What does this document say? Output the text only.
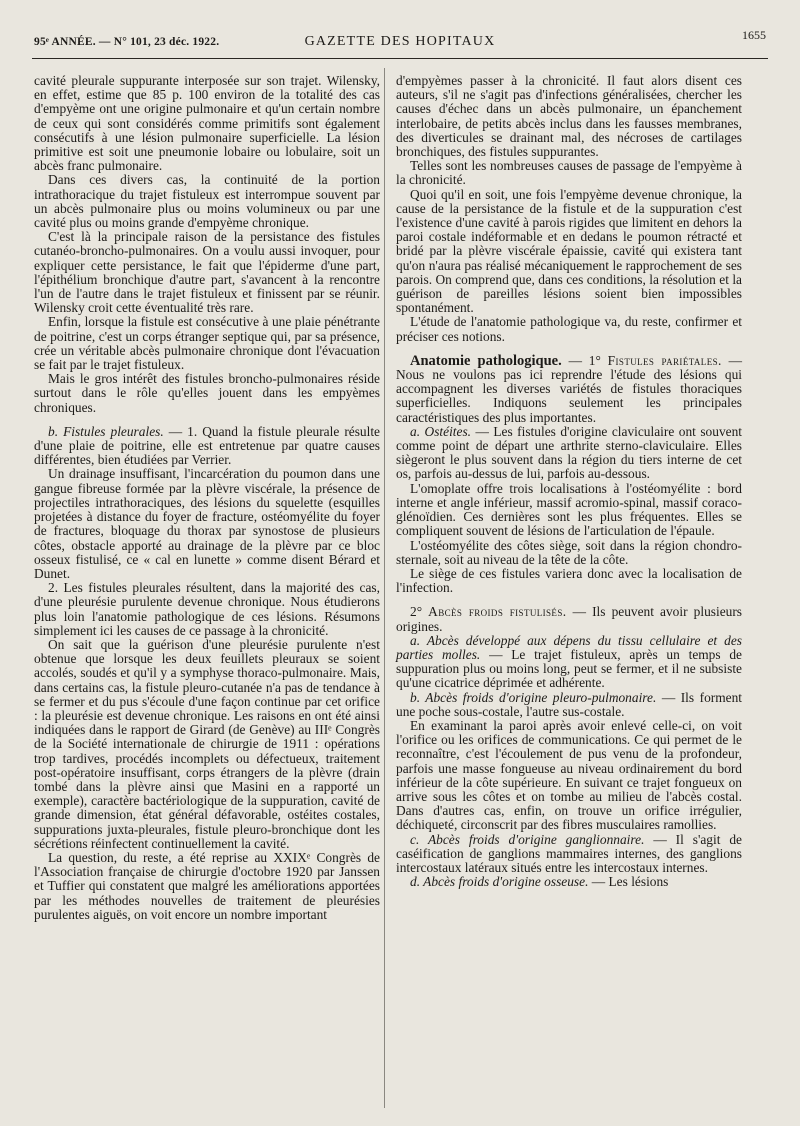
95ᵉ ANNÉE. — N° 101, 23 déc. 1922.	GAZETTE DES HOPITAUX	1655

cavité pleurale suppurante interposée sur son trajet. Wilensky, en effet, estime que 85 p. 100 environ de la totalité des cas d'empyème ont une origine pulmonaire et qu'un certain nombre de ceux qui sont considérés comme primitifs sont également consécutifs à une lésion pulmonaire superficielle. La lésion primitive est soit une pneumonie lobaire ou lobulaire, soit un abcès franc pulmonaire.

Dans ces divers cas, la continuité de la portion intrathoracique du trajet fistuleux est interrompue souvent par un abcès pulmonaire plus ou moins volumineux ou par une cavité plus ou moins grande d'empyème chronique.

C'est là la principale raison de la persistance des fistules cutanéo-broncho-pulmonaires. On a voulu aussi invoquer, pour expliquer cette persistance, le fait que l'épiderme d'une part, l'épithélium bronchique d'autre part, s'avancent à la rencontre l'un de l'autre dans le trajet fistuleux et finissent par se réunir. Wilensky croit cette éventualité très rare.

Enfin, lorsque la fistule est consécutive à une plaie pénétrante de poitrine, c'est un corps étranger septique qui, par sa présence, crée un véritable abcès pulmonaire chronique dont l'évacuation se fait par le trajet fistuleux.

Mais le gros intérêt des fistules broncho-pulmonaires réside surtout dans le rôle qu'elles jouent dans les empyèmes chroniques.

b. Fistules pleurales. — 1. Quand la fistule pleurale résulte d'une plaie de poitrine, elle est entretenue par quatre causes différentes, bien étudiées par Verrier.

Un drainage insuffisant, l'incarcération du poumon dans une gangue fibreuse formée par la plèvre viscérale, la présence de projectiles intrathoraciques, des lésions du squelette (esquilles projetées à distance du foyer de fracture, ostéomyélite du foyer de fractures, bloquage du thorax par synostose de plusieurs côtes, obstacle apporté au drainage de la plèvre par ce bloc osseux fistulisé, ce « cal en lunette » comme disent Bérard et Dunet.

2. Les fistules pleurales résultent, dans la majorité des cas, d'une pleurésie purulente devenue chronique. Nous étudierons plus loin l'anatomie pathologique de ces lésions. Résumons simplement ici les causes de ce passage à la chronicité.

On sait que la guérison d'une pleurésie purulente n'est obtenue que lorsque les deux feuillets pleuraux se soient accolés, soudés et qu'il y a symphyse thoraco-pulmonaire. Mais, dans certains cas, la fistule pleuro-cutanée n'a pas de tendance à se fermer et du pus s'écoule d'une façon continue par cet orifice : la pleurésie est devenue chronique. Les raisons en ont été ainsi indiquées dans le rapport de Girard (de Genève) au IIIᵉ Congrès de la Société internationale de chirurgie de 1911 : opérations trop tardives, procédés incomplets ou défectueux, traitement post-opératoire insuffisant, corps étrangers de la plèvre (drain tombé dans la plèvre ainsi que Masini en a rapporté un exemple), caractère bactériologique de la suppuration, cavité de grande dimension, état général défavorable, ostéites costales, suppurations juxta-pleurales, fistule pleuro-bronchique dont les sécrétions réinfectent continuellement la cavité.

La question, du reste, a été reprise au XXIXᵉ Congrès de l'Association française de chirurgie d'octobre 1920 par Janssen et Tuffier qui constatent que malgré les améliorations apportées par les méthodes nouvelles de traitement de pleurésies purulentes aiguës, on voit encore un nombre important

d'empyèmes passer à la chronicité. Il faut alors disent ces auteurs, s'il ne s'agit pas d'infections généralisées, chercher les causes d'échec dans un abcès pulmonaire, un épanchement interlobaire, de petits abcès inclus dans les fausses membranes, des diverticules se drainant mal, des nécroses de cartilages bronchiques, des fistules suppurantes.

Telles sont les nombreuses causes de passage de l'empyème à la chronicité.

Quoi qu'il en soit, une fois l'empyème devenue chronique, la cause de la persistance de la fistule et de la suppuration c'est l'existence d'une cavité à parois rigides que limitent en dehors la paroi costale indéformable et en dedans le poumon rétracté et bridé par la plèvre viscérale épaissie, cavité qui existera tant qu'on n'aura pas réalisé mécaniquement le rapprochement de ses parois. On comprend que, dans ces conditions, la résolution et la guérison de pareilles lésions soient bien impossibles spontanément.

L'étude de l'anatomie pathologique va, du reste, confirmer et préciser ces notions.

Anatomie pathologique. — 1° Fistules pariétales. — Nous ne voulons pas ici reprendre l'étude des lésions qui accompagnent les diverses variétés de fistules thoraciques superficielles. Indiquons seulement les principales caractéristiques des plus importantes.

a. Ostéites. — Les fistules d'origine claviculaire ont souvent comme point de départ une arthrite sterno-claviculaire. Elles siègeront le plus souvent dans la région du tiers interne de cet os, parfois au-dessus de lui, parfois au-dessous.

L'omoplate offre trois localisations à l'ostéomyélite : bord interne et angle inférieur, massif acromio-spinal, massif coraco-glénoïdien. Ces dernières sont les plus fréquentes. Elles se compliquent souvent de lésions de l'articulation de l'épaule.

L'ostéomyélite des côtes siège, soit dans la région chondro-sternale, soit au niveau de la tête de la côte.

Le siège de ces fistules variera donc avec la localisation de l'infection.

2° Abcès froids fistulisés. — Ils peuvent avoir plusieurs origines.

a. Abcès développé aux dépens du tissu cellulaire et des parties molles. — Le trajet fistuleux, après un temps de suppuration plus ou moins long, peut se fermer, et il ne subsiste qu'une cicatrice déprimée et adhérente.

b. Abcès froids d'origine pleuro-pulmonaire. — Ils forment une poche sous-costale, l'autre sus-costale.

En examinant la paroi après avoir enlevé celle-ci, on voit l'orifice ou les orifices de communications. Ce qui permet de le reconnaître, c'est l'écoulement de pus venu de la profondeur, parfois une masse fongueuse au niveau ordinairement du bord inférieur de la côte supérieure. En suivant ce trajet fongueux on arrive sous les côtes et on tombe au milieu de l'abcès costal. Dans d'autres cas, enfin, on trouve un orifice irrégulier, déchiqueté, circonscrit par des fibres musculaires ramollies.

c. Abcès froids d'origine ganglionnaire. — Il s'agit de caséification de ganglions mammaires internes, des ganglions intercostaux latéraux situés entre les intercostaux internes.

d. Abcès froids d'origine osseuse. — Les lésions
